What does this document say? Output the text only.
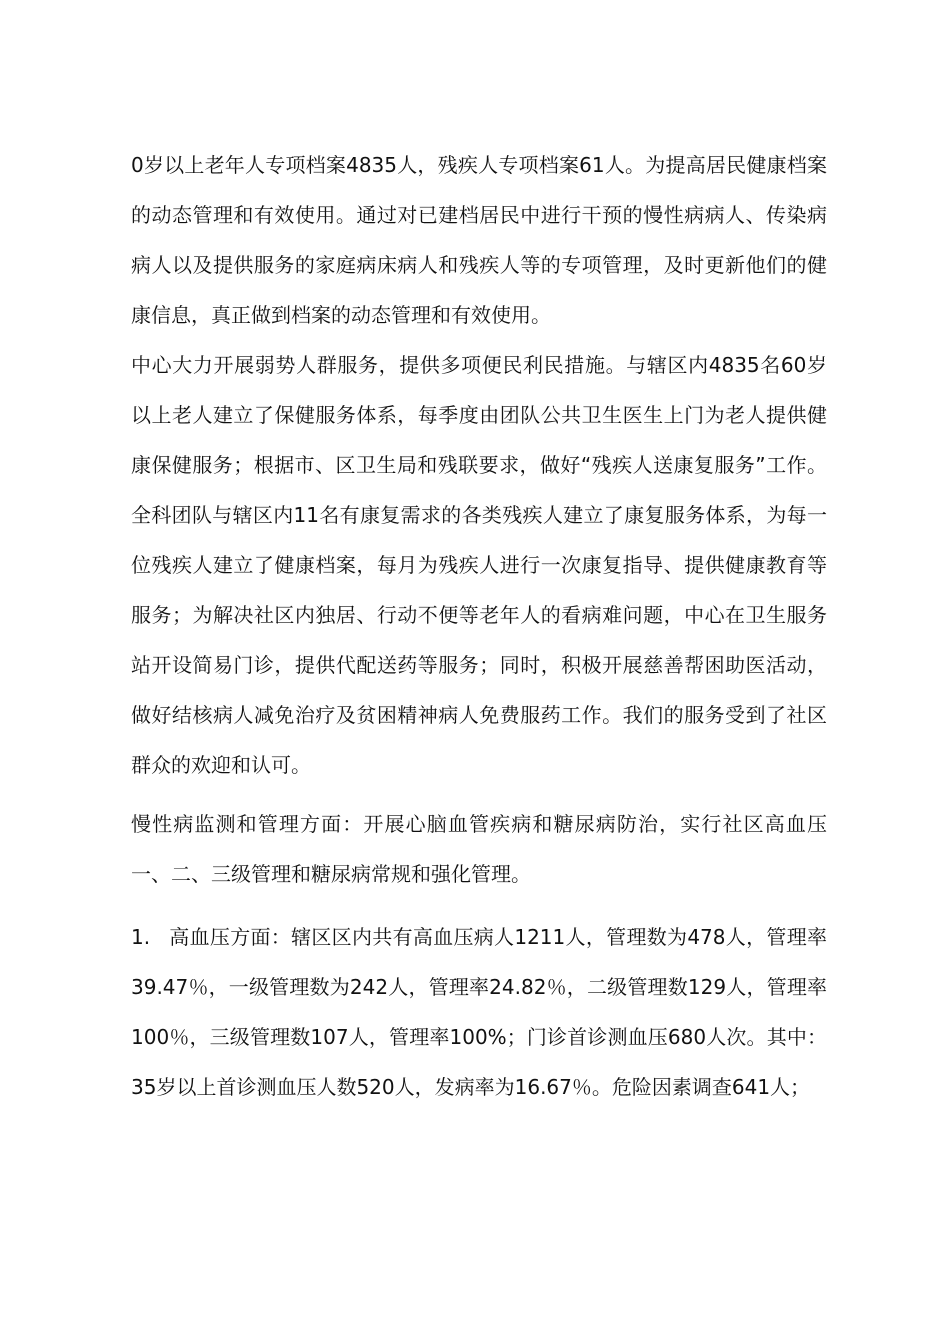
0岁以上老年人专项档案4835人，残疾人专项档案61人。为提高居民健康档案的动态管理和有效使用。通过对已建档居民中进行干预的慢性病病人、传染病病人以及提供服务的家庭病床病人和残疾人等的专项管理，及时更新他们的健康信息，真正做到档案的动态管理和有效使用。

中心大力开展弱势人群服务，提供多项便民利民措施。与辖区内4835名60岁以上老人建立了保健服务体系，每季度由团队公共卫生医生上门为老人提供健康保健服务；根据市、区卫生局和残联要求，做好“残疾人送康复服务”工作。全科团队与辖区内11名有康复需求的各类残疾人建立了康复服务体系，为每一位残疾人建立了健康档案，每月为残疾人进行一次康复指导、提供健康教育等服务；为解决社区内独居、行动不便等老年人的看病难问题，中心在卫生服务站开设简易门诊，提供代配送药等服务；同时，积极开展慈善帮困助医活动，做好结核病人减免治疗及贫困精神病人免费服药工作。我们的服务受到了社区群众的欢迎和认可。

慢性病监测和管理方面：开展心脑血管疾病和糖尿病防治，实行社区高血压一、二、三级管理和糖尿病常规和强化管理。

1. 高血压方面：辖区区内共有高血压病人1211人，管理数为478人，管理率39.47％，一级管理数为242人，管理率24.82％，二级管理数129人，管理率100％，三级管理数107人，管理率100%；门诊首诊测血压680人次。其中：35岁以上首诊测血压人数520人，发病率为16.67％。危险因素调查641人；
